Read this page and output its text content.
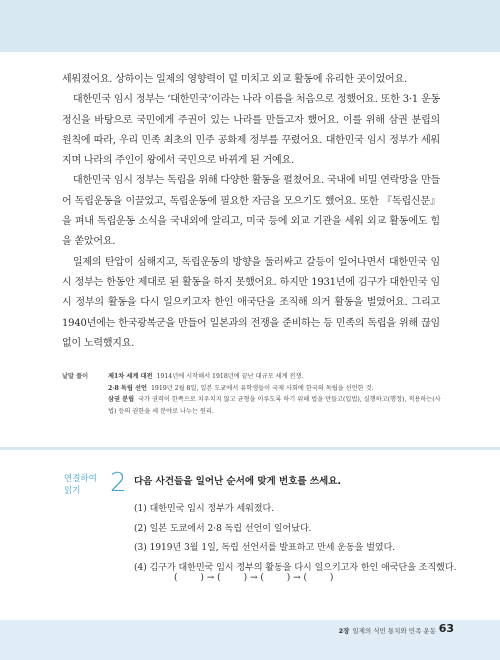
세워졌어요. 상하이는 일제의 영향력이 덜 미치고 외교 활동에 유리한 곳이었어요.

대한민국 임시 정부는 ‘대한민국’이라는 나라 이름을 처음으로 정했어요. 또한 3·1 운동 정신을 바탕으로 국민에게 주권이 있는 나라를 만들고자 했어요. 이를 위해 삼권 분립의 원칙에 따라, 우리 민족 최초의 민주 공화제 정부를 꾸렸어요. 대한민국 임시 정부가 세워지며 나라의 주인이 왕에서 국민으로 바뀌게 된 거예요.

대한민국 임시 정부는 독립을 위해 다양한 활동을 펼쳤어요. 국내에 비밀 연락망을 만들어 독립운동을 이끌었고, 독립운동에 필요한 자금을 모으기도 했어요. 또한 『독립신문』을 펴내 독립운동 소식을 국내외에 알리고, 미국 등에 외교 기관을 세워 외교 활동에도 힘을 쏟았어요.

일제의 탄압이 심해지고, 독립운동의 방향을 둘러싸고 갈등이 일어나면서 대한민국 임시 정부는 한동안 제대로 된 활동을 하지 못했어요. 하지만 1931년에 김구가 대한민국 임시 정부의 활동을 다시 일으키고자 한인 애국단을 조직해 의거 활동을 벌였어요. 그리고 1940년에는 한국광복군을 만들어 일본과의 전쟁을 준비하는 등 민족의 독립을 위해 끊임없이 노력했지요.

낱말 풀이	제1차 세계 대전 1914년에 시작해서 1918년에 끝난 대규모 세계 전쟁.
2·8 독립 선언 1919년 2월 8일, 일본 도쿄에서 유학생들이 국제 사회에 한국의 독립을 선언한 것.
삼권 분립 국가 권력이 한쪽으로 치우치지 않고 균형을 이루도록 하기 위해 법을 만들고(입법), 실행하고(행정), 적용하는(사법) 등의 권한을 세 분야로 나누는 원리.
연결하여
읽기	2 다음 사건들을 일어난 순서에 맞게 번호를 쓰세요.
(1) 대한민국 임시 정부가 세워졌다.
(2) 일본 도쿄에서 2·8 독립 선언이 일어났다.
(3) 1919년 3월 1일, 독립 선언서를 발표하고 만세 운동을 벌였다.
(4) 김구가 대한민국 임시 정부의 활동을 다시 일으키고자 한인 애국단을 조직했다.
(        ) → (        ) → (        ) → (        )
2장 일제의 식민 통치와 민족 운동 63
